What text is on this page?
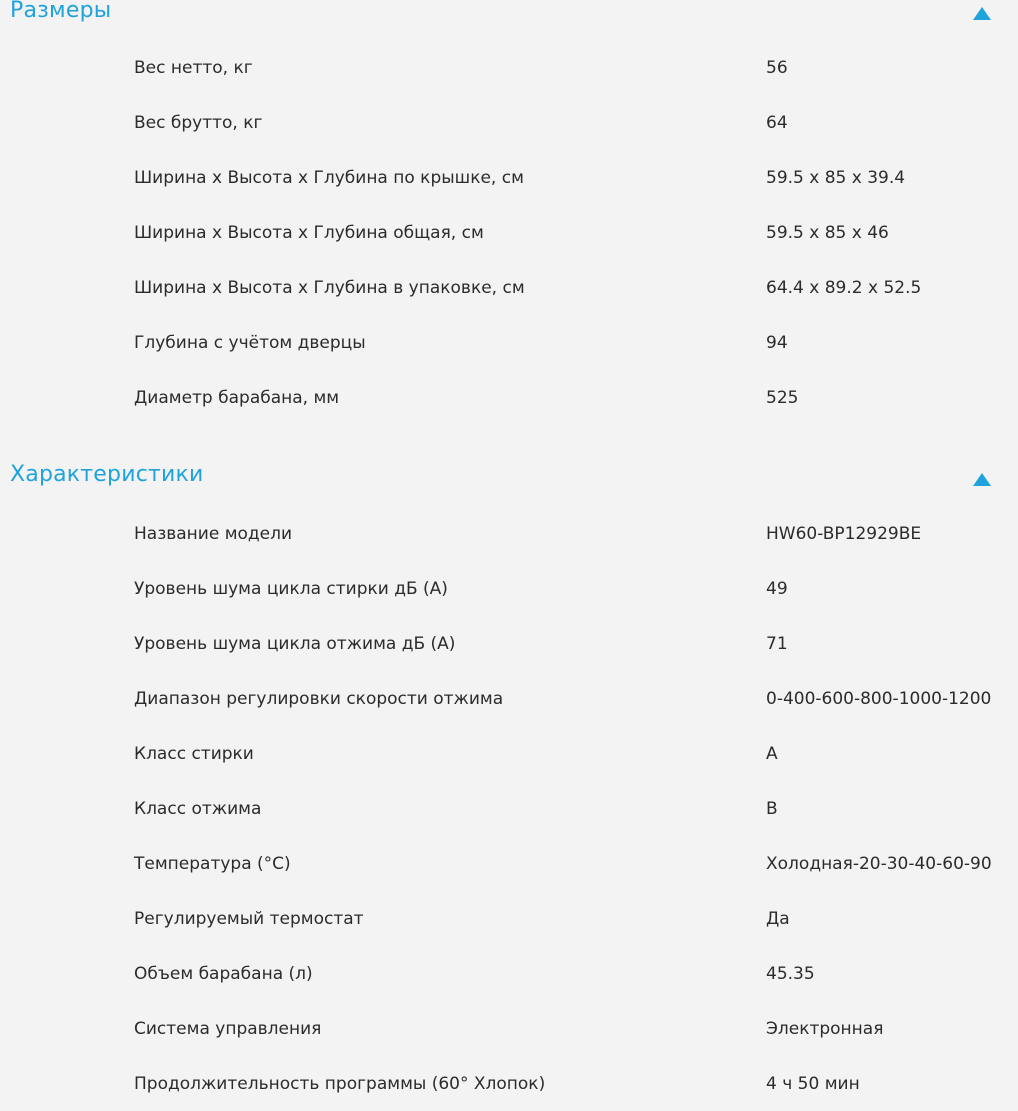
Размеры
Вес нетто, кг	56
Вес брутто, кг	64
Ширина х Высота х Глубина по крышке, см	59.5 х 85 х 39.4
Ширина х Высота х Глубина общая, см	59.5 х 85 х 46
Ширина х Высота х Глубина в упаковке, см	64.4 х 89.2 х 52.5
Глубина с учётом дверцы	94
Диаметр барабана, мм	525
Характеристики
Название модели	HW60-BP12929BE
Уровень шума цикла стирки дБ (A)	49
Уровень шума цикла отжима дБ (A)	71
Диапазон регулировки скорости отжима	0-400-600-800-1000-1200
Класс стирки	A
Класс отжима	B
Температура (°C)	Холодная-20-30-40-60-90
Регулируемый термостат	Да
Объем барабана (л)	45.35
Система управления	Электронная
Продолжительность программы (60° Хлопок)	4 ч 50 мин
